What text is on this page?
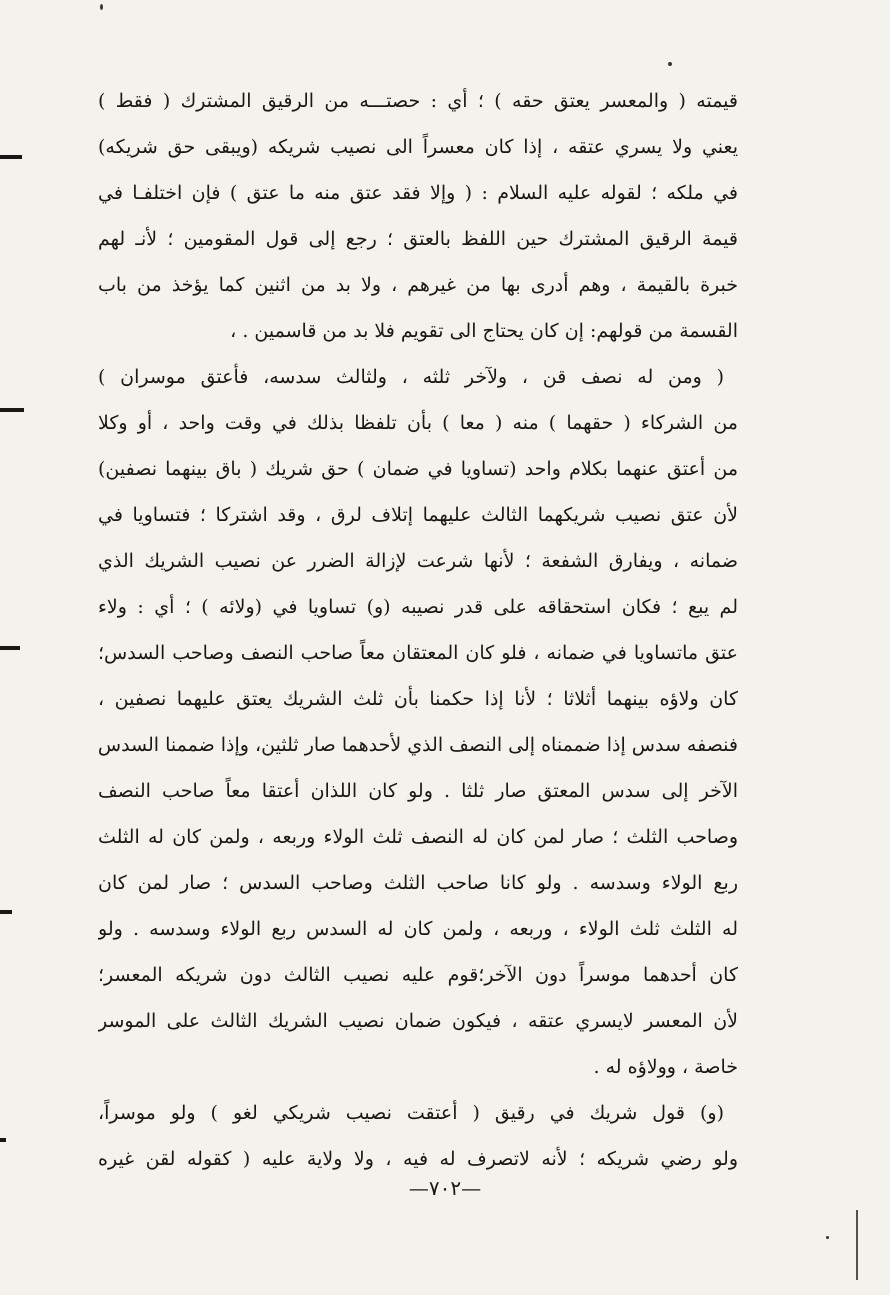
قيمته ( والمعسر يعتق حقه ) ؛ أي : حصتـــه من الرقيق المشترك ( فقط )
يعني ولا يسري عتقه ، إذا كان معسراً الى نصيب شريكه (ويبقى حق شريكه)
في ملكه ؛ لقوله عليه السلام : ( وإلا فقد عتق منه ما عتق ) فإن اختلفـا في
قيمة الرقيق المشترك حين اللفظ بالعتق ؛ رجع إلى قول المقومين ؛ لأنـ لهم
خبرة بالقيمة ، وهم أدرى بها من غيرهم ، ولا بد من اثنين كما يؤخذ من باب
القسمة من قولهم: إن كان يحتاج الى تقويم فلا بد من قاسمين . ،
( ومن له نصف قن ، ولآخر ثلثه ، ولثالث سدسه، فأعتق موسران )
من الشركاء ( حقهما ) منه ( معا ) بأن تلفظا بذلك في وقت واحد ، أو وكلا
من أعتق عنهما بكلام واحد (تساويا في ضمان ) حق شريك ( باق بينهما نصفين)
لأن عتق نصيب شريكهما الثالث عليهما إتلاف لرق ، وقد اشتركا ؛ فتساويا في
ضمانه ، ويفارق الشفعة ؛ لأنها شرعت لإزالة الضرر عن نصيب الشريك الذي
لم يبع ؛ فكان استحقاقه على قدر نصيبه (و) تساويا في (ولائه ) ؛ أي : ولاء
عتق ماتساويا في ضمانه ، فلو كان المعتقان معاً صاحب النصف وصاحب السدس؛
كان ولاؤه بينهما أثلاثا ؛ لأنا إذا حكمنا بأن ثلث الشريك يعتق عليهما نصفين ،
فنصفه سدس إذا ضممناه إلى النصف الذي لأحدهما صار ثلثين، وإذا ضممنا السدس
الآخر إلى سدس المعتق صار ثلثا . ولو كان اللذان أعتقا معاً صاحب النصف
وصاحب الثلث ؛ صار لمن كان له النصف ثلث الولاء وربعه ، ولمن كان له الثلث
ربع الولاء وسدسه . ولو كانا صاحب الثلث وصاحب السدس ؛ صار لمن كان
له الثلث ثلث الولاء ، وربعه ، ولمن كان له السدس ربع الولاء وسدسه . ولو
كان أحدهما موسراً دون الآخر؛قوم عليه نصيب الثالث دون شريكه المعسر؛
لأن المعسر لايسري عتقه ، فيكون ضمان نصيب الشريك الثالث على الموسر
خاصة ، وولاؤه له .
(و) قول شريك في رقيق ( أعتقت نصيب شريكي لغو ) ولو موسراً،
ولو رضي شريكه ؛ لأنه لاتصرف له فيه ، ولا ولاية عليه ( كقوله لقن غيره
—٧٠٢—
